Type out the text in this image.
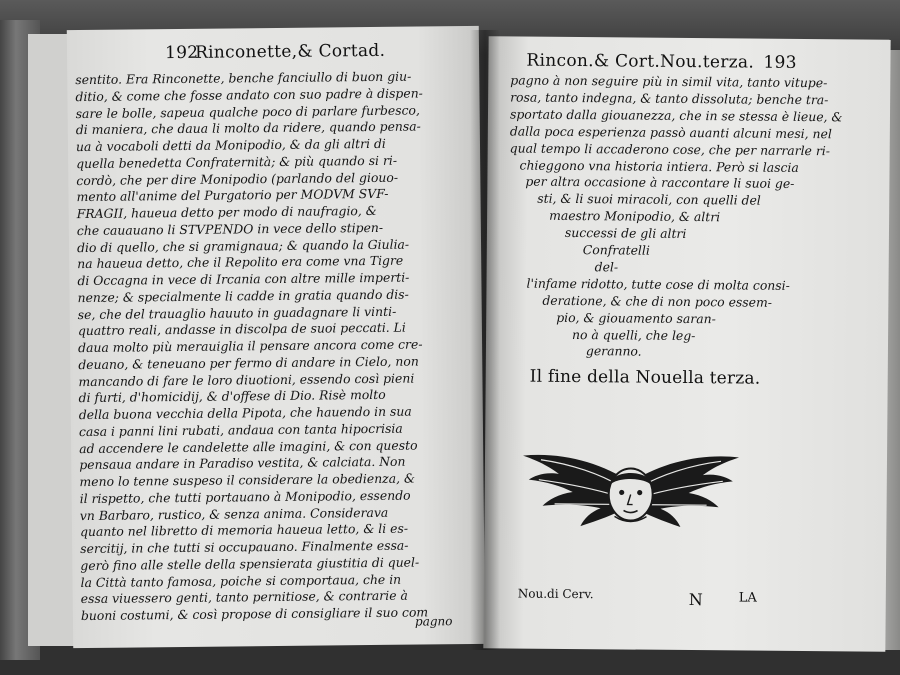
192
Rinconette,& Cortad.
sentito. Era Rinconette, benche fanciullo di buon giu-
ditio, & come che fosse andato con suo padre à dispen-
sare le bolle, sapeua qualche poco di parlare furbesco,
di maniera, che daua li molto da ridere, quando pensa-
ua à vocaboli detti da Monipodio, & da gli altri di
quella benedetta Confraternità; & più quando si ri-
cordò, che per dire Monipodio (parlando del giouo-
mento all'anime del Purgatorio per MODVM SVF-
FRAGII, haueua detto per modo di naufragio, &
che cauauano li STVPENDO in vece dello stipen-
dio di quello, che si gramignaua; & quando la Giulia-
na haueua detto, che il Repolito era come vna Tigre
di Occagna in vece di Ircania con altre mille imperti-
nenze; & specialmente li cadde in gratia quando dis-
se, che del trauaglio hauuto in guadagnare li vinti-
quattro reali, andasse in discolpa de suoi peccati. Li
daua molto più merauiglia il pensare ancora come cre-
deuano, & teneuano per fermo di andare in Cielo, non
mancando di fare le loro diuotioni, essendo così pieni
di furti, d'homicidij, & d'offese di Dio. Risè molto
della buona vecchia della Pipota, che hauendo in sua
casa i panni lini rubati, andaua con tanta hipocrisia
ad accendere le candelette alle imagini, & con questo
pensaua andare in Paradiso vestita, & calciata. Non
meno lo tenne suspeso il considerare la obedienza, &
il rispetto, che tutti portauano à Monipodio, essendo
vn Barbaro, rustico, & senza anima. Considerava
quanto nel libretto di memoria haueua letto, & li es-
sercitij, in che tutti si occupauano. Finalmente essa-
gerò fino alle stelle della spensierata giustitia di quel-
la Città tanto famosa, poiche si comportaua, che in
essa viuessero genti, tanto pernitiose, & contrarie à
buoni costumi, & così propose di consigliare il suo com
pagno
Rincon.& Cort.Nou.terza. 193
pagno à non seguire più in simil vita, tanto vitupe-
rosa, tanto indegna, & tanto dissoluta; benche tra-
sportato dalla giouanezza, che in se stessa è lieue, &
dalla poca esperienza passò auanti alcuni mesi, nel
qual tempo li accaderono cose, che per narrarle ri-
chieggono vna historia intiera. Però si lascia
per altra occasione à raccontare li suoi ge-
sti, & li suoi miracoli, con quelli del
maestro Monipodio, & altri
successi de gli altri
Confratelli
del-
l'infame ridotto, tutte cose di molta consi-
deratione, & che di non poco essem-
pio, & giouamento saran-
no à quelli, che leg-
geranno.
Il fine della Nouella terza.
Nou.di Cerv.	N	LA
